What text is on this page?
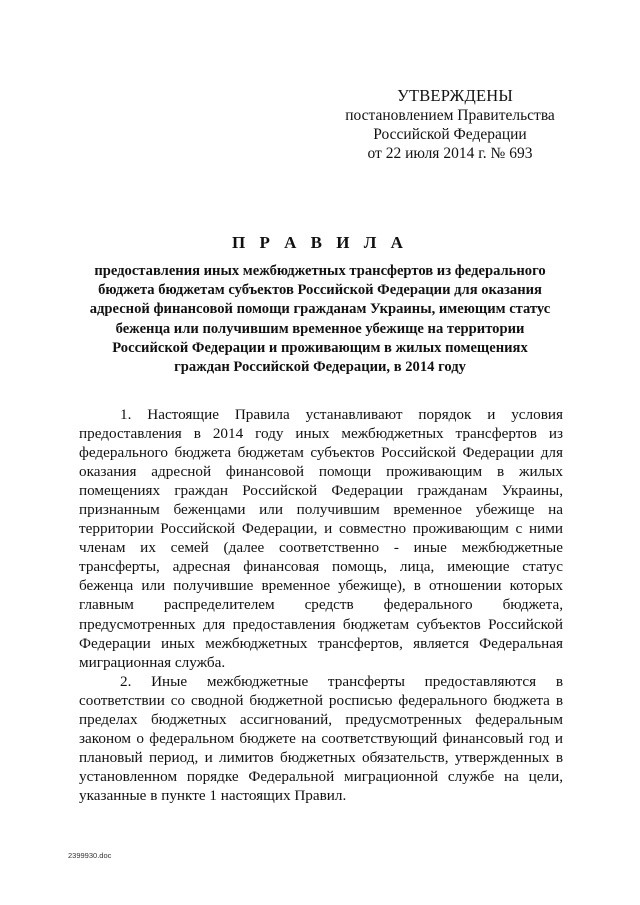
УТВЕРЖДЕНЫ
постановлением Правительства
Российской Федерации
от 22 июля 2014 г. № 693
П Р А В И Л А
предоставления иных межбюджетных трансфертов из федерального
бюджета бюджетам субъектов Российской Федерации для оказания
адресной финансовой помощи гражданам Украины, имеющим статус
беженца или получившим временное убежище на территории
Российской Федерации и проживающим в жилых помещениях
граждан Российской Федерации, в 2014 году

1. Настоящие Правила устанавливают порядок и условия предоставления в 2014 году иных межбюджетных трансфертов из федерального бюджета бюджетам субъектов Российской Федерации для оказания адресной финансовой помощи проживающим в жилых помещениях граждан Российской Федерации гражданам Украины, признанным беженцами или получившим временное убежище на территории Российской Федерации, и совместно проживающим с ними членам их семей (далее соответственно - иные межбюджетные трансферты, адресная финансовая помощь, лица, имеющие статус беженца или получившие временное убежище), в отношении которых главным распределителем средств федерального бюджета, предусмотренных для предоставления бюджетам субъектов Российской Федерации иных межбюджетных трансфертов, является Федеральная миграционная служба.

2. Иные межбюджетные трансферты предоставляются в соответствии со сводной бюджетной росписью федерального бюджета в пределах бюджетных ассигнований, предусмотренных федеральным законом о федеральном бюджете на соответствующий финансовый год и плановый период, и лимитов бюджетных обязательств, утвержденных в установленном порядке Федеральной миграционной службе на цели, указанные в пункте 1 настоящих Правил.

2399930.doc
